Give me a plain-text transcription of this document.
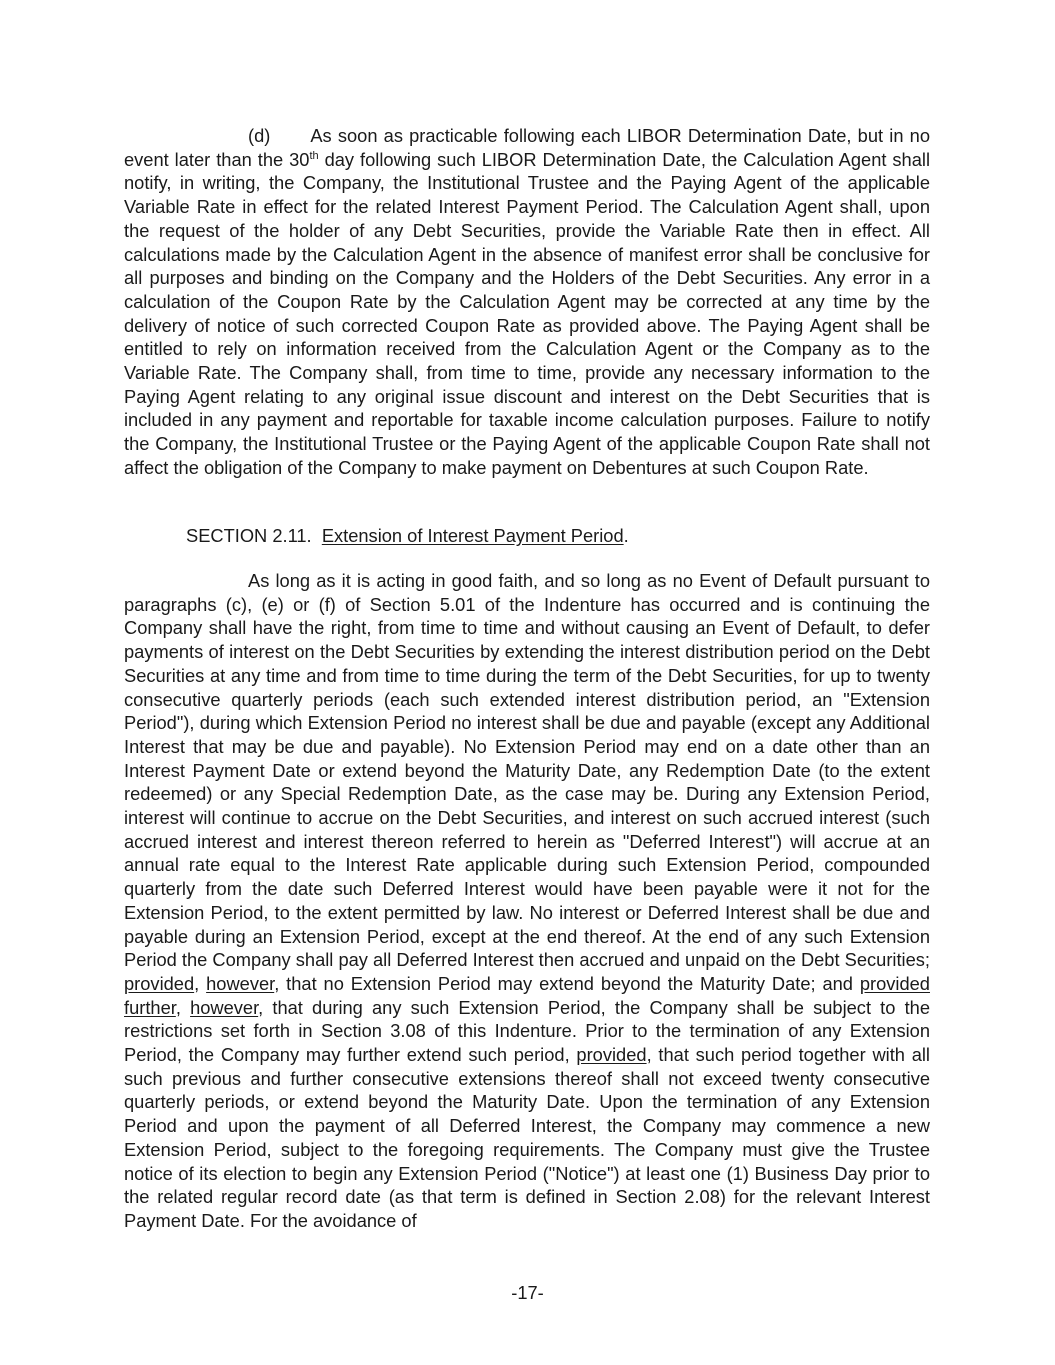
(d) As soon as practicable following each LIBOR Determination Date, but in no event later than the 30th day following such LIBOR Determination Date, the Calculation Agent shall notify, in writing, the Company, the Institutional Trustee and the Paying Agent of the applicable Variable Rate in effect for the related Interest Payment Period. The Calculation Agent shall, upon the request of the holder of any Debt Securities, provide the Variable Rate then in effect. All calculations made by the Calculation Agent in the absence of manifest error shall be conclusive for all purposes and binding on the Company and the Holders of the Debt Securities. Any error in a calculation of the Coupon Rate by the Calculation Agent may be corrected at any time by the delivery of notice of such corrected Coupon Rate as provided above. The Paying Agent shall be entitled to rely on information received from the Calculation Agent or the Company as to the Variable Rate. The Company shall, from time to time, provide any necessary information to the Paying Agent relating to any original issue discount and interest on the Debt Securities that is included in any payment and reportable for taxable income calculation purposes. Failure to notify the Company, the Institutional Trustee or the Paying Agent of the applicable Coupon Rate shall not affect the obligation of the Company to make payment on Debentures at such Coupon Rate.

SECTION 2.11. Extension of Interest Payment Period.

As long as it is acting in good faith, and so long as no Event of Default pursuant to paragraphs (c), (e) or (f) of Section 5.01 of the Indenture has occurred and is continuing the Company shall have the right, from time to time and without causing an Event of Default, to defer payments of interest on the Debt Securities by extending the interest distribution period on the Debt Securities at any time and from time to time during the term of the Debt Securities, for up to twenty consecutive quarterly periods (each such extended interest distribution period, an "Extension Period"), during which Extension Period no interest shall be due and payable (except any Additional Interest that may be due and payable). No Extension Period may end on a date other than an Interest Payment Date or extend beyond the Maturity Date, any Redemption Date (to the extent redeemed) or any Special Redemption Date, as the case may be. During any Extension Period, interest will continue to accrue on the Debt Securities, and interest on such accrued interest (such accrued interest and interest thereon referred to herein as "Deferred Interest") will accrue at an annual rate equal to the Interest Rate applicable during such Extension Period, compounded quarterly from the date such Deferred Interest would have been payable were it not for the Extension Period, to the extent permitted by law. No interest or Deferred Interest shall be due and payable during an Extension Period, except at the end thereof. At the end of any such Extension Period the Company shall pay all Deferred Interest then accrued and unpaid on the Debt Securities; provided, however, that no Extension Period may extend beyond the Maturity Date; and provided further, however, that during any such Extension Period, the Company shall be subject to the restrictions set forth in Section 3.08 of this Indenture. Prior to the termination of any Extension Period, the Company may further extend such period, provided, that such period together with all such previous and further consecutive extensions thereof shall not exceed twenty consecutive quarterly periods, or extend beyond the Maturity Date. Upon the termination of any Extension Period and upon the payment of all Deferred Interest, the Company may commence a new Extension Period, subject to the foregoing requirements. The Company must give the Trustee notice of its election to begin any Extension Period ("Notice") at least one (1) Business Day prior to the related regular record date (as that term is defined in Section 2.08) for the relevant Interest Payment Date. For the avoidance of

-17-
